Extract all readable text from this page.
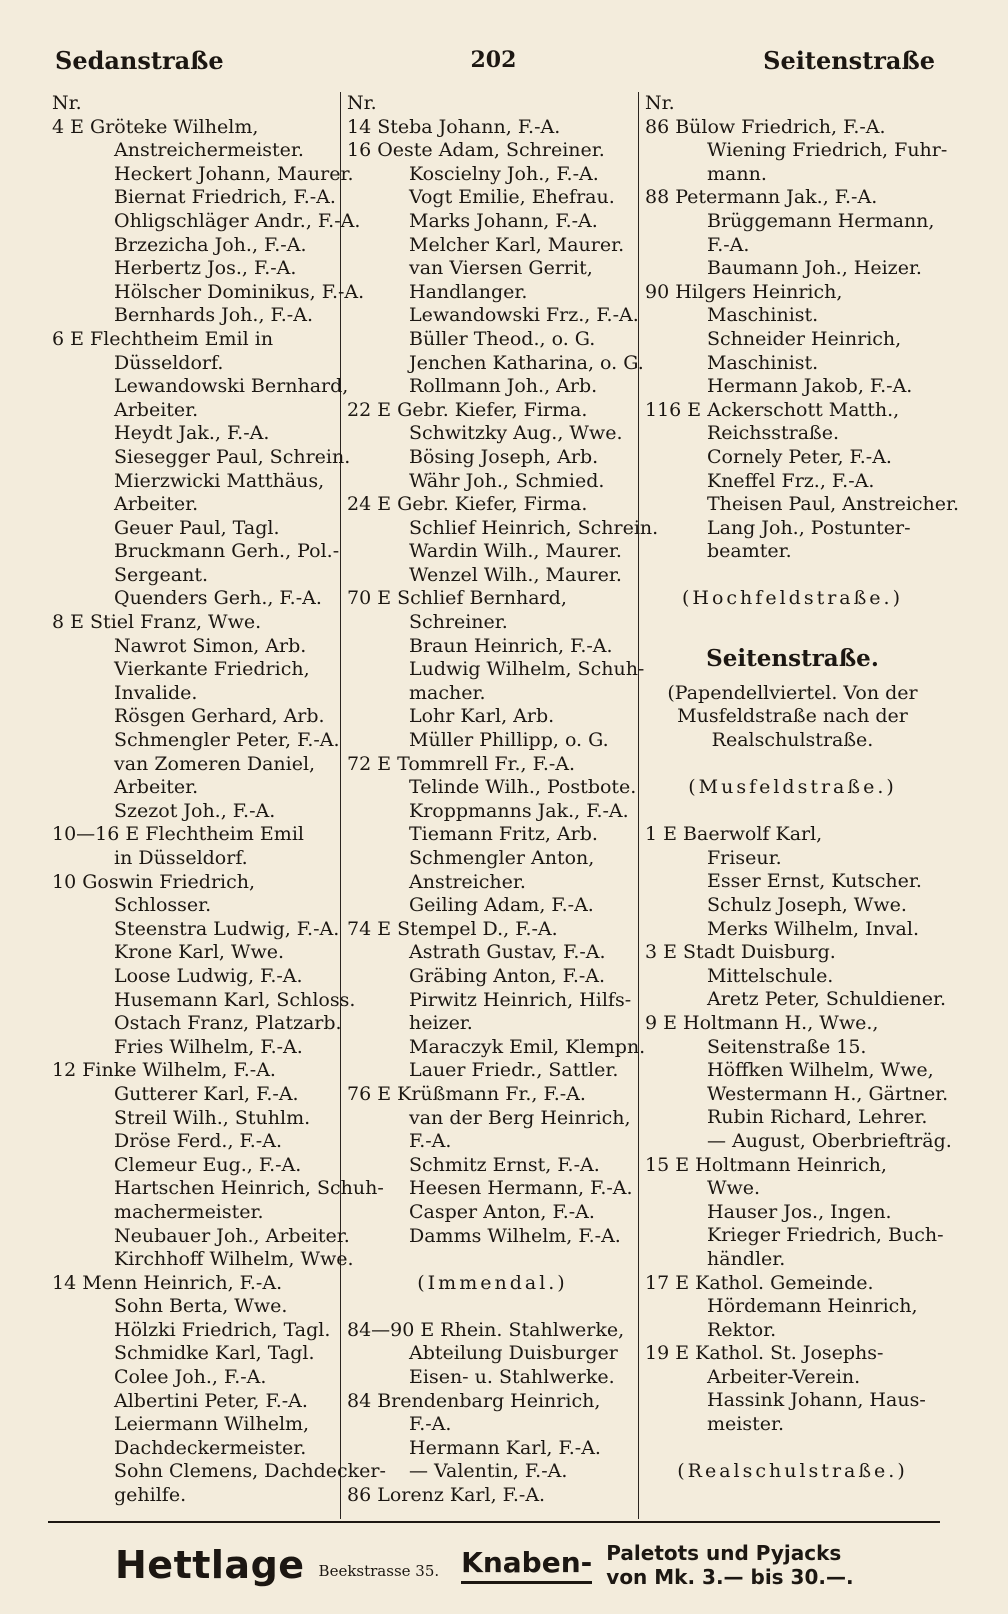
Sedanstraße	202	Seitenstraße
Nr.
4 E Gröteke Wilhelm,
Anstreichermeister.
Heckert Johann, Maurer.
Biernat Friedrich, F.-A.
Ohligschläger Andr., F.-A.
Brzezicha Joh., F.-A.
Herbertz Jos., F.-A.
Hölscher Dominikus, F.-A.
Bernhards Joh., F.-A.
6 E Flechtheim Emil in
Düsseldorf.
Lewandowski Bernhard,
Arbeiter.
Heydt Jak., F.-A.
Siesegger Paul, Schrein.
Mierzwicki Matthäus,
Arbeiter.
Geuer Paul, Tagl.
Bruckmann Gerh., Pol.-
Sergeant.
Quenders Gerh., F.-A.
8 E Stiel Franz, Wwe.
Nawrot Simon, Arb.
Vierkante Friedrich,
Invalide.
Rösgen Gerhard, Arb.
Schmengler Peter, F.-A.
van Zomeren Daniel,
Arbeiter.
Szezot Joh., F.-A.
10—16 E Flechtheim Emil
in Düsseldorf.
10 Goswin Friedrich,
Schlosser.
Steenstra Ludwig, F.-A.
Krone Karl, Wwe.
Loose Ludwig, F.-A.
Husemann Karl, Schloss.
Ostach Franz, Platzarb.
Fries Wilhelm, F.-A.
12 Finke Wilhelm, F.-A.
Gutterer Karl, F.-A.
Streil Wilh., Stuhlm.
Dröse Ferd., F.-A.
Clemeur Eug., F.-A.
Hartschen Heinrich, Schuh-
machermeister.
Neubauer Joh., Arbeiter.
Kirchhoff Wilhelm, Wwe.
14 Menn Heinrich, F.-A.
Sohn Berta, Wwe.
Hölzki Friedrich, Tagl.
Schmidke Karl, Tagl.
Colee Joh., F.-A.
Albertini Peter, F.-A.
Leiermann Wilhelm,
Dachdeckermeister.
Sohn Clemens, Dachdecker-
gehilfe.
Nr.
14 Steba Johann, F.-A.
16 Oeste Adam, Schreiner.
Koscielny Joh., F.-A.
Vogt Emilie, Ehefrau.
Marks Johann, F.-A.
Melcher Karl, Maurer.
van Viersen Gerrit,
Handlanger.
Lewandowski Frz., F.-A.
Büller Theod., o. G.
Jenchen Katharina, o. G.
Rollmann Joh., Arb.
22 E Gebr. Kiefer, Firma.
Schwitzky Aug., Wwe.
Bösing Joseph, Arb.
Währ Joh., Schmied.
24 E Gebr. Kiefer, Firma.
Schlief Heinrich, Schrein.
Wardin Wilh., Maurer.
Wenzel Wilh., Maurer.
70 E Schlief Bernhard,
Schreiner.
Braun Heinrich, F.-A.
Ludwig Wilhelm, Schuh-
macher.
Lohr Karl, Arb.
Müller Phillipp, o. G.
72 E Tommrell Fr., F.-A.
Telinde Wilh., Postbote.
Kroppmanns Jak., F.-A.
Tiemann Fritz, Arb.
Schmengler Anton,
Anstreicher.
Geiling Adam, F.-A.
74 E Stempel D., F.-A.
Astrath Gustav, F.-A.
Gräbing Anton, F.-A.
Pirwitz Heinrich, Hilfs-
heizer.
Maraczyk Emil, Klempn.
Lauer Friedr., Sattler.
76 E Krüßmann Fr., F.-A.
van der Berg Heinrich,
F.-A.
Schmitz Ernst, F.-A.
Heesen Hermann, F.-A.
Casper Anton, F.-A.
Damms Wilhelm, F.-A.
(Immendal.)
84—90 E Rhein. Stahlwerke,
Abteilung Duisburger
Eisen- u. Stahlwerke.
84 Brendenbarg Heinrich,
F.-A.
Hermann Karl, F.-A.
— Valentin, F.-A.
86 Lorenz Karl, F.-A.
Nr.
86 Bülow Friedrich, F.-A.
Wiening Friedrich, Fuhr-
mann.
88 Petermann Jak., F.-A.
Brüggemann Hermann,
F.-A.
Baumann Joh., Heizer.
90 Hilgers Heinrich,
Maschinist.
Schneider Heinrich,
Maschinist.
Hermann Jakob, F.-A.
116 E Ackerschott Matth.,
Reichsstraße.
Cornely Peter, F.-A.
Kneffel Frz., F.-A.
Theisen Paul, Anstreicher.
Lang Joh., Postunter-
beamter.
(Hochfeldstraße.)
Seitenstraße.
(Papendellviertel. Von der
Musfeldstraße nach der
Realschulstraße.
(Musfeldstraße.)
1 E Baerwolf Karl,
Friseur.
Esser Ernst, Kutscher.
Schulz Joseph, Wwe.
Merks Wilhelm, Inval.
3 E Stadt Duisburg.
Mittelschule.
Aretz Peter, Schuldiener.
9 E Holtmann H., Wwe.,
Seitenstraße 15.
Höffken Wilhelm, Wwe,
Westermann H., Gärtner.
Rubin Richard, Lehrer.
— August, Oberbriefträg.
15 E Holtmann Heinrich,
Wwe.
Hauser Jos., Ingen.
Krieger Friedrich, Buch-
händler.
17 E Kathol. Gemeinde.
Hördemann Heinrich,
Rektor.
19 E Kathol. St. Josephs-
Arbeiter-Verein.
Hassink Johann, Haus-
meister.
(Realschulstraße.)
Hettlage Beekstrasse 35. Knaben- Paletots und Pyjacks
von Mk. 3.— bis 30.—.
